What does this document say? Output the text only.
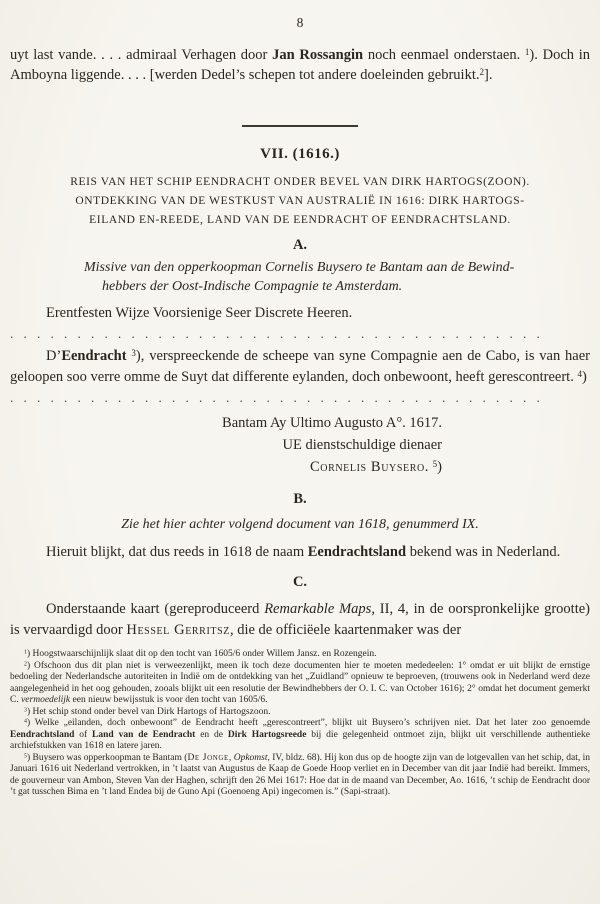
8

uyt last vande. . . . admiraal Verhagen door Jan Rossangin noch eenmael onderstaen. $^1$). Doch in Amboyna liggende. . . . [werden Dedel’s schepen tot andere doeleinden gebruikt.$^2$].

VII. (1616.)
REIS VAN HET SCHIP EENDRACHT ONDER BEVEL VAN DIRK HARTOGS(ZOON).
ONTDEKKING VAN DE WESTKUST VAN AUSTRALIË IN 1616: DIRK HARTOGS-
EILAND EN-REEDE, LAND VAN DE EENDRACHT OF EENDRACHTSLAND.
A.
Missive van den opperkoopman Cornelis Buysero te Bantam aan de Bewind-
hebbers der Oost-Indische Compagnie te Amsterdam.

Erentfesten Wijze Voorsienige Seer Discrete Heeren.

. . . . . . . . . . . . . . . . . . . . . . . . . . . . . . . . . . . . . . . .

D’Eendracht $^3$), verspreeckende de scheepe van syne Compagnie aen de Cabo, is van haer geloopen soo verre omme de Suyt dat differente eylanden, doch onbewoont, heeft gerescontreert. $^4$)

. . . . . . . . . . . . . . . . . . . . . . . . . . . . . . . . . . . . . . . .
Bantam Ay Ultimo Augusto A°. 1617.
UE dienstschuldige dienaer
Cornelis Buysero. $^5$)
B.

Zie het hier achter volgend document van 1618, genummerd IX.

Hieruit blijkt, dat dus reeds in 1618 de naam Eendrachtsland bekend was in Nederland.

C.

Onderstaande kaart (gereproduceerd Remarkable Maps, II, 4, in de oorspronkelijke grootte) is vervaardigd door Hessel Gerritsz, die de officiëele kaartenmaker was der

$^1$) Hoogstwaarschijnlijk slaat dit op den tocht van 1605/6 onder Willem Jansz. en Rozengein.

$^2$) Ofschoon dus dit plan niet is verweezenlijkt, meen ik toch deze documenten hier te moeten mededeelen: 1° omdat er uit blijkt de ernstige bedoeling der Nederlandsche autoriteiten in Indië om de ontdekking van het „Zuidland” opnieuw te beproeven, (trouwens ook in Nederland werd deze aangelegenheid in het oog gehouden, zooals blijkt uit een resolutie der Bewindhebbers der O. I. C. van October 1616); 2° omdat het document gemerkt C. vermoedelijk een nieuw bewijsstuk is voor den tocht van 1605/6.

$^3$) Het schip stond onder bevel van Dirk Hartogs of Hartogszoon.

$^4$) Welke „eilanden, doch onbewoont” de Eendracht heeft „gerescontreert”, blijkt uit Buysero’s schrijven niet. Dat het later zoo genoemde Eendrachtsland of Land van de Eendracht en de Dirk Hartogsreede bij die gelegenheid ontmoet zijn, blijkt uit verschillende authentieke archiefstukken van 1618 en latere jaren.

$^5$) Buysero was opperkoopman te Bantam (De Jonge, Opkomst, IV, bldz. 68). Hij kon dus op de hoogte zijn van de lotgevallen van het schip, dat, in Januari 1616 uit Nederland vertrokken, in ’t laatst van Augustus de Kaap de Goede Hoop verliet en in December van dit jaar Indië had bereikt. Immers, de gouverneur van Ambon, Steven Van der Haghen, schrijft den 26 Mei 1617: Hoe dat in de maand van December, Ao. 1616, ’t schip de Eendracht door ’t gat tusschen Bima en ’t land Endea bij de Guno Api (Goenoeng Api) ingecomen is.” (Sapi-straat).
